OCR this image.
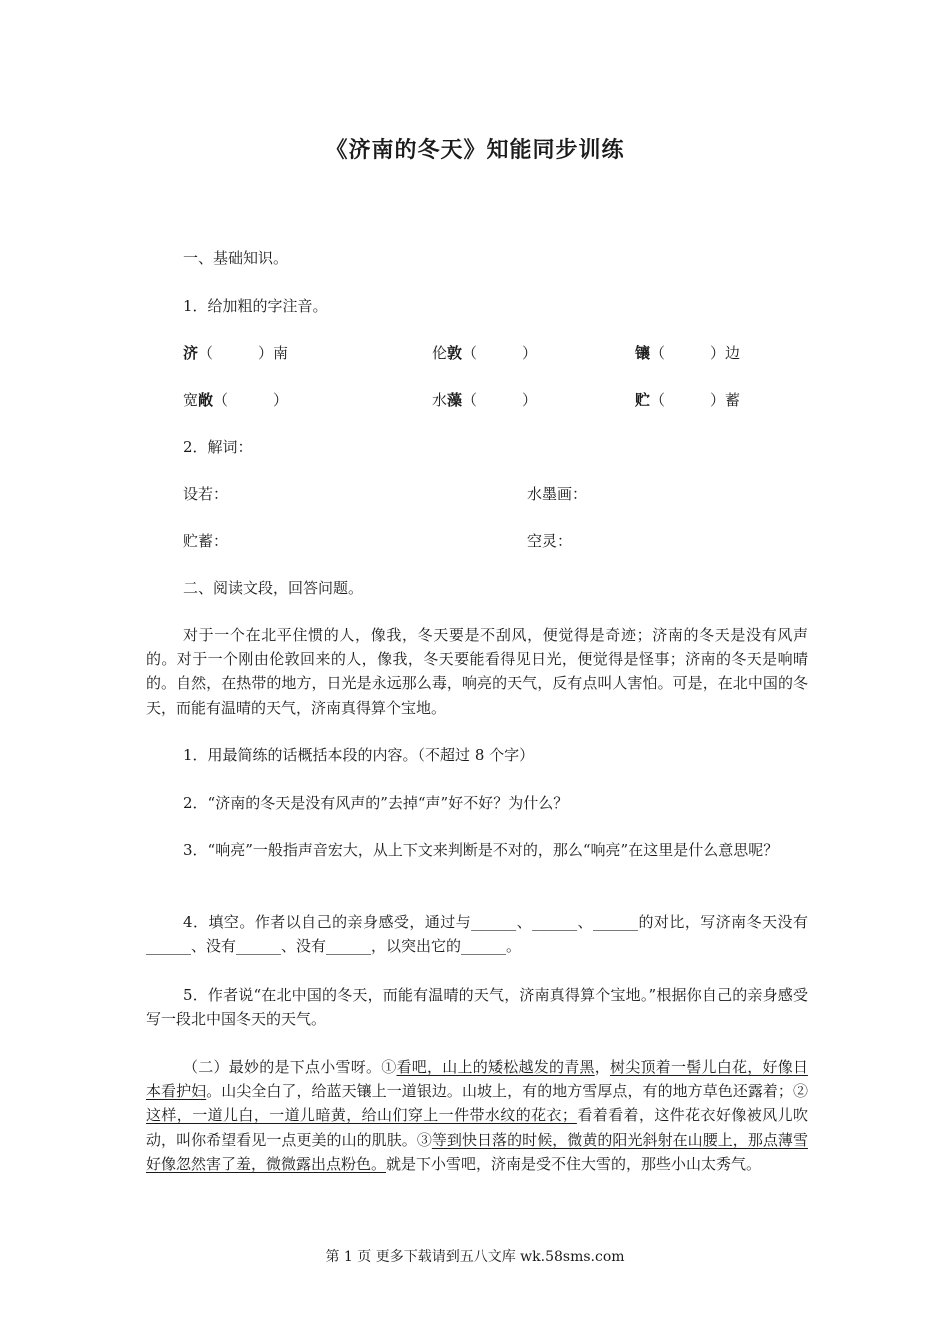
《济南的冬天》知能同步训练
一、基础知识。
1．给加粗的字注音。
济（　　　）南	伦敦（　　　）	镶（　　　）边
宽敞（　　　）	水藻（　　　）	贮（　　　）蓄
2．解词：
设若：	水墨画：
贮蓄：	空灵：
二、阅读文段，回答问题。
对于一个在北平住惯的人，像我，冬天要是不刮风，便觉得是奇迹；济南的冬天是没有风声的。对于一个刚由伦敦回来的人，像我，冬天要能看得见日光，便觉得是怪事；济南的冬天是响晴的。自然，在热带的地方，日光是永远那么毒，响亮的天气，反有点叫人害怕。可是，在北中国的冬天，而能有温晴的天气，济南真得算个宝地。
1．用最简练的话概括本段的内容。（不超过 8 个字）
2．“济南的冬天是没有风声的”去掉“声”好不好？为什么？
3．“响亮”一般指声音宏大，从上下文来判断是不对的，那么“响亮”在这里是什么意思呢？
4．填空。作者以自己的亲身感受，通过与______、______、______的对比，写济南冬天没有______、没有______、没有______，以突出它的______。
5．作者说“在北中国的冬天，而能有温晴的天气，济南真得算个宝地。”根据你自己的亲身感受写一段北中国冬天的天气。
（二）最妙的是下点小雪呀。①看吧，山上的矮松越发的青黑，树尖顶着一髻儿白花，好像日本看护妇。山尖全白了，给蓝天镶上一道银边。山坡上，有的地方雪厚点，有的地方草色还露着；②这样，一道儿白，一道儿暗黄，给山们穿上一件带水纹的花衣；看着看着，这件花衣好像被风儿吹动，叫你希望看见一点更美的山的肌肤。③等到快日落的时候，微黄的阳光斜射在山腰上，那点薄雪好像忽然害了羞，微微露出点粉色。就是下小雪吧，济南是受不住大雪的，那些小山太秀气。
第 1 页 更多下载请到五八文库 wk.58sms.com
